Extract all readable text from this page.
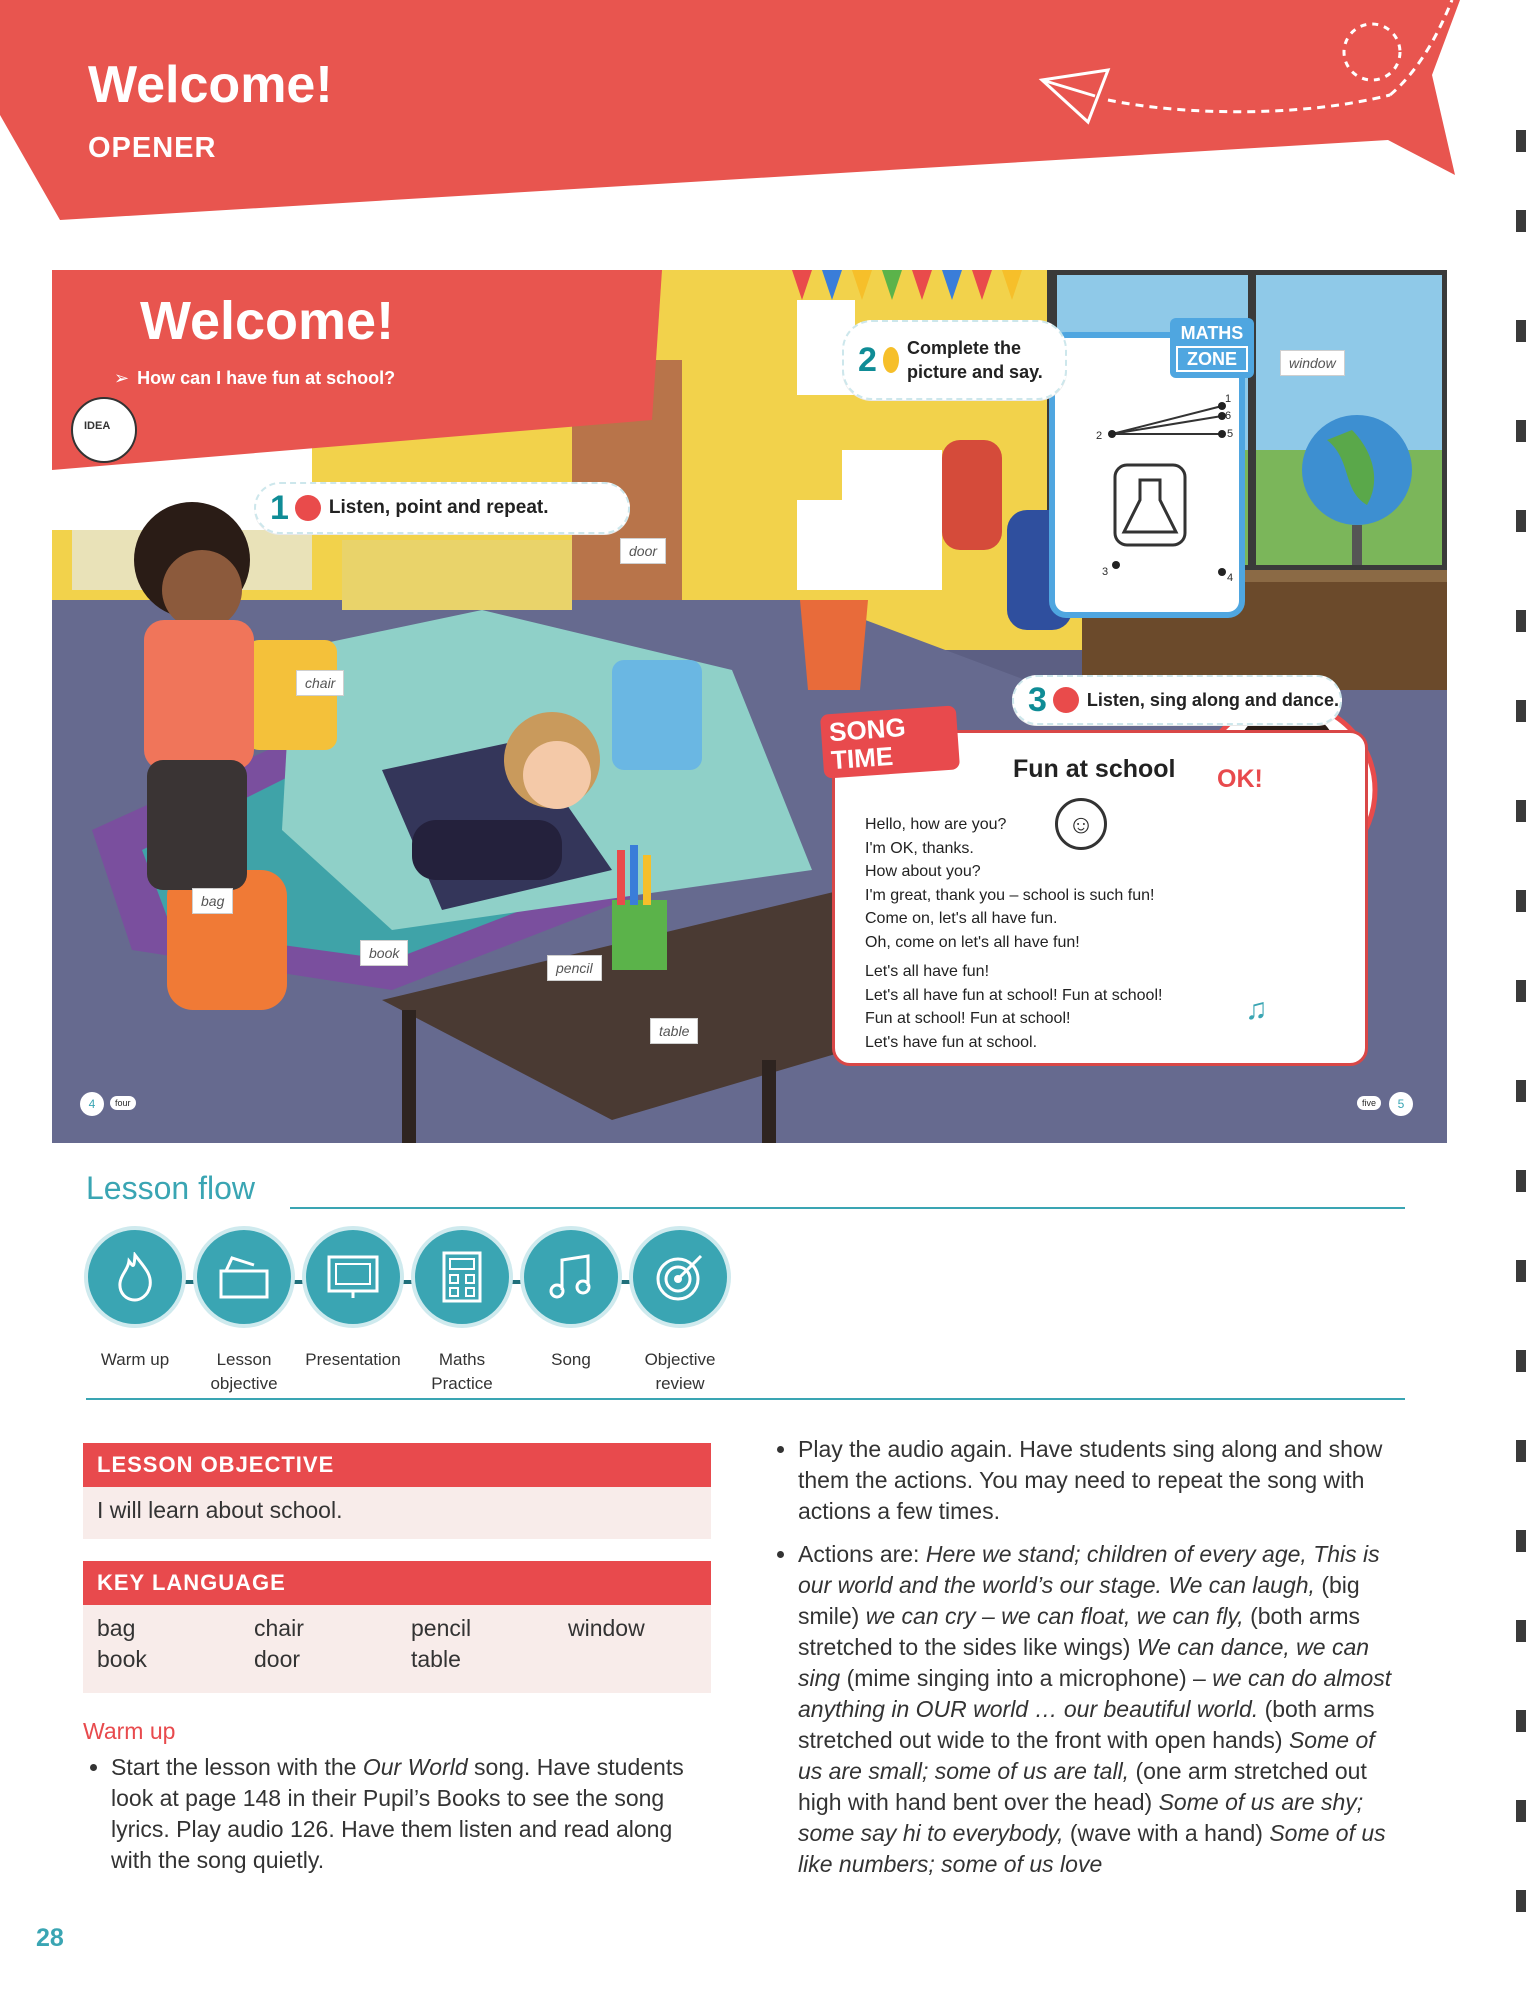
Welcome!
OPENER
Welcome!
➢ How can I have fun at school?
IDEA
1 Listen, point and repeat.
2 Complete the picture and say.
3 Listen, sing along and dance.
MATHS
ZONE
1
6
5
2
3	4
door
window
chair
bag
book
pencil
table
Fun at school
Hello, how are you?
I'm OK, thanks.
How about you?
I'm great, thank you – school is such fun!
Come on, let's all have fun.
Oh, come on let's all have fun!
Let's all have fun!
Let's all have fun at school! Fun at school!
Fun at school! Fun at school!
Let's have fun at school.
☺
♫
SONG
TIME
OK!
4	four	five	5
Lesson flow
Warm up	Lesson
objective
Presentation	Maths
Practice
Song	Objective
review
LESSON OBJECTIVE
I will learn about school.
KEY LANGUAGE
bag	chair	pencil	window
book	door	table
Warm up
• Start the lesson with the Our World song. Have students look at page 148 in their Pupil’s Books to see the song lyrics. Play audio 126. Have them listen and read along with the song quietly.
• Play the audio again. Have students sing along and show them the actions. You may need to repeat the song with actions a few times.
• Actions are: Here we stand; children of every age, This is our world and the world’s our stage. We can laugh, (big smile) we can cry – we can float, we can fly, (both arms stretched to the sides like wings) We can dance, we can sing (mime singing into a microphone) – we can do almost anything in OUR world … our beautiful world. (both arms stretched out wide to the front with open hands) Some of us are small; some of us are tall, (one arm stretched out high with hand bent over the head) Some of us are shy; some say hi to everybody, (wave with a hand) Some of us like numbers; some of us love
28
